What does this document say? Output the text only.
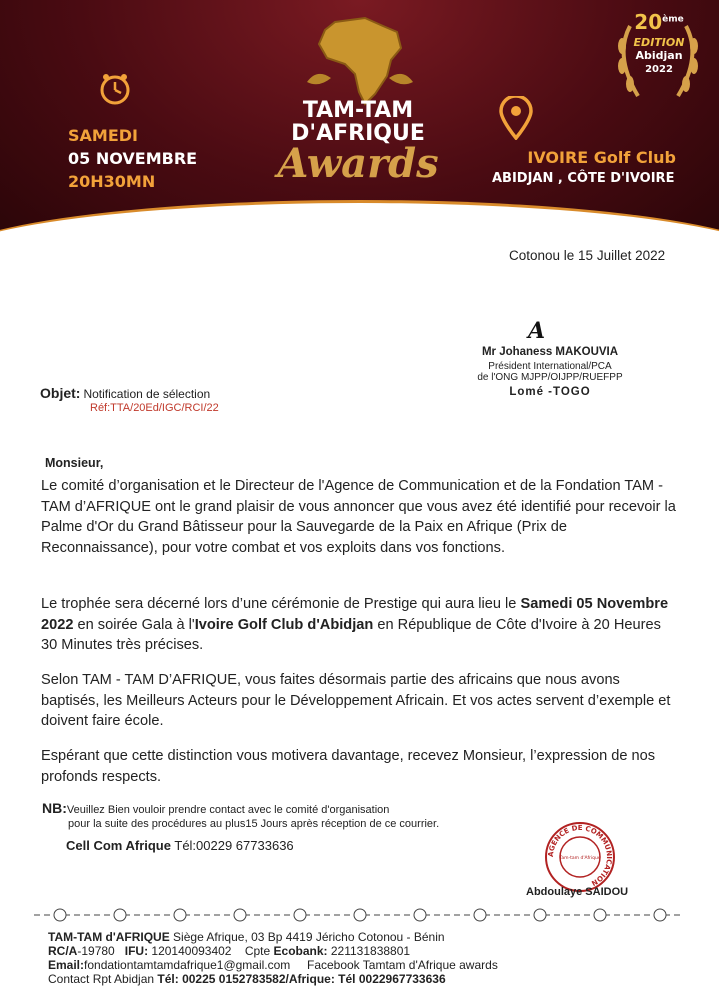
SAMEDI
05 NOVEMBRE
20H30MN
TAM-TAM
D'AFRIQUE
Awards	IVOIRE Golf Club
ABIDJAN , CÔTE D'IVOIRE
20ème
EDITION
Abidjan
2022
Cotonou le 15 Juillet 2022
A
Mr Johaness MAKOUVIA
Président International/PCA
de l'ONG MJPP/OIJPP/RUEFPP
Lomé -TOGO
Objet: Notification de sélection
Réf:TTA/20Ed/IGC/RCI/22
Monsieur,
Le comité d’organisation et le Directeur de l'Agence de Communication et de la Fondation TAM - TAM d’AFRIQUE ont le grand plaisir de vous annoncer que vous avez été identifié pour recevoir la Palme d'Or du Grand Bâtisseur pour la Sauvegarde de la Paix en Afrique (Prix de Reconnaissance), pour votre combat et vos exploits dans vos fonctions.
Le trophée sera décerné lors d’une cérémonie de Prestige qui aura lieu le Samedi 05 Novembre 2022 en soirée Gala à l'Ivoire Golf Club d'Abidjan en République de Côte d'Ivoire à 20 Heures 30 Minutes très précises.
Selon TAM - TAM D’AFRIQUE, vous faites désormais partie des africains que nous avons baptisés, les Meilleurs Acteurs pour le Développement Africain. Et vos actes servent d’exemple et doivent faire école.
Espérant que cette distinction vous motivera davantage, recevez Monsieur, l’expression de nos profonds respects.
NB:Veuillez Bien vouloir prendre contact avec le comité d'organisation
pour la suite des procédures au plus15 Jours après réception de ce courrier.
Cell Com Afrique Tél:00229 67733636
AGENCE DE COMMUNICATION
Tam-tam d'Afrique
Abdoulaye SAIDOU
TAM-TAM d'AFRIQUE Siège Afrique, 03 Bp 4419 Jéricho Cotonou - Bénin
RC/A-19780 IFU: 120140093402 Cpte Ecobank: 221131838801
Email:fondationtamtamdafrique1@gmail.com Facebook Tamtam d'Afrique awards
Contact Rpt Abidjan Tél: 00225 0152783582/Afrique: Tél 0022967733636
